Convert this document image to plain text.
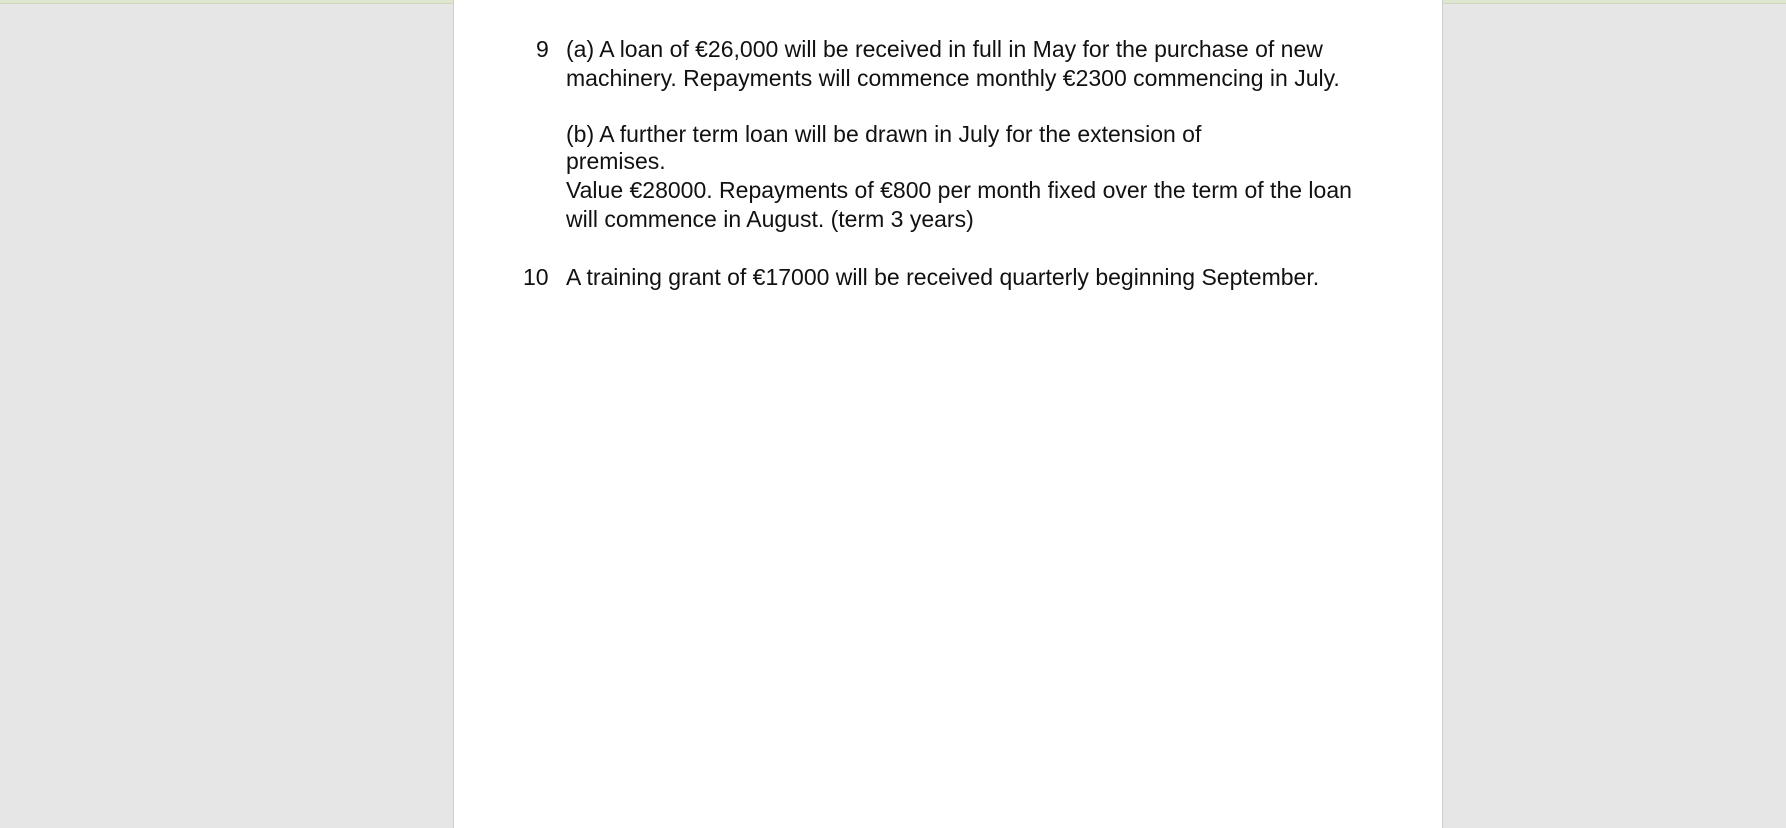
9 (a) A loan of €26,000 will be received in full in May for the purchase of new
machinery. Repayments will commence monthly €2300 commencing in July.
(b) A further term loan will be drawn in July for the extension of
premises.
Value €28000. Repayments of €800 per month fixed over the term of the loan
will commence in August. (term 3 years)
10 A training grant of €17000 will be received quarterly beginning September.
